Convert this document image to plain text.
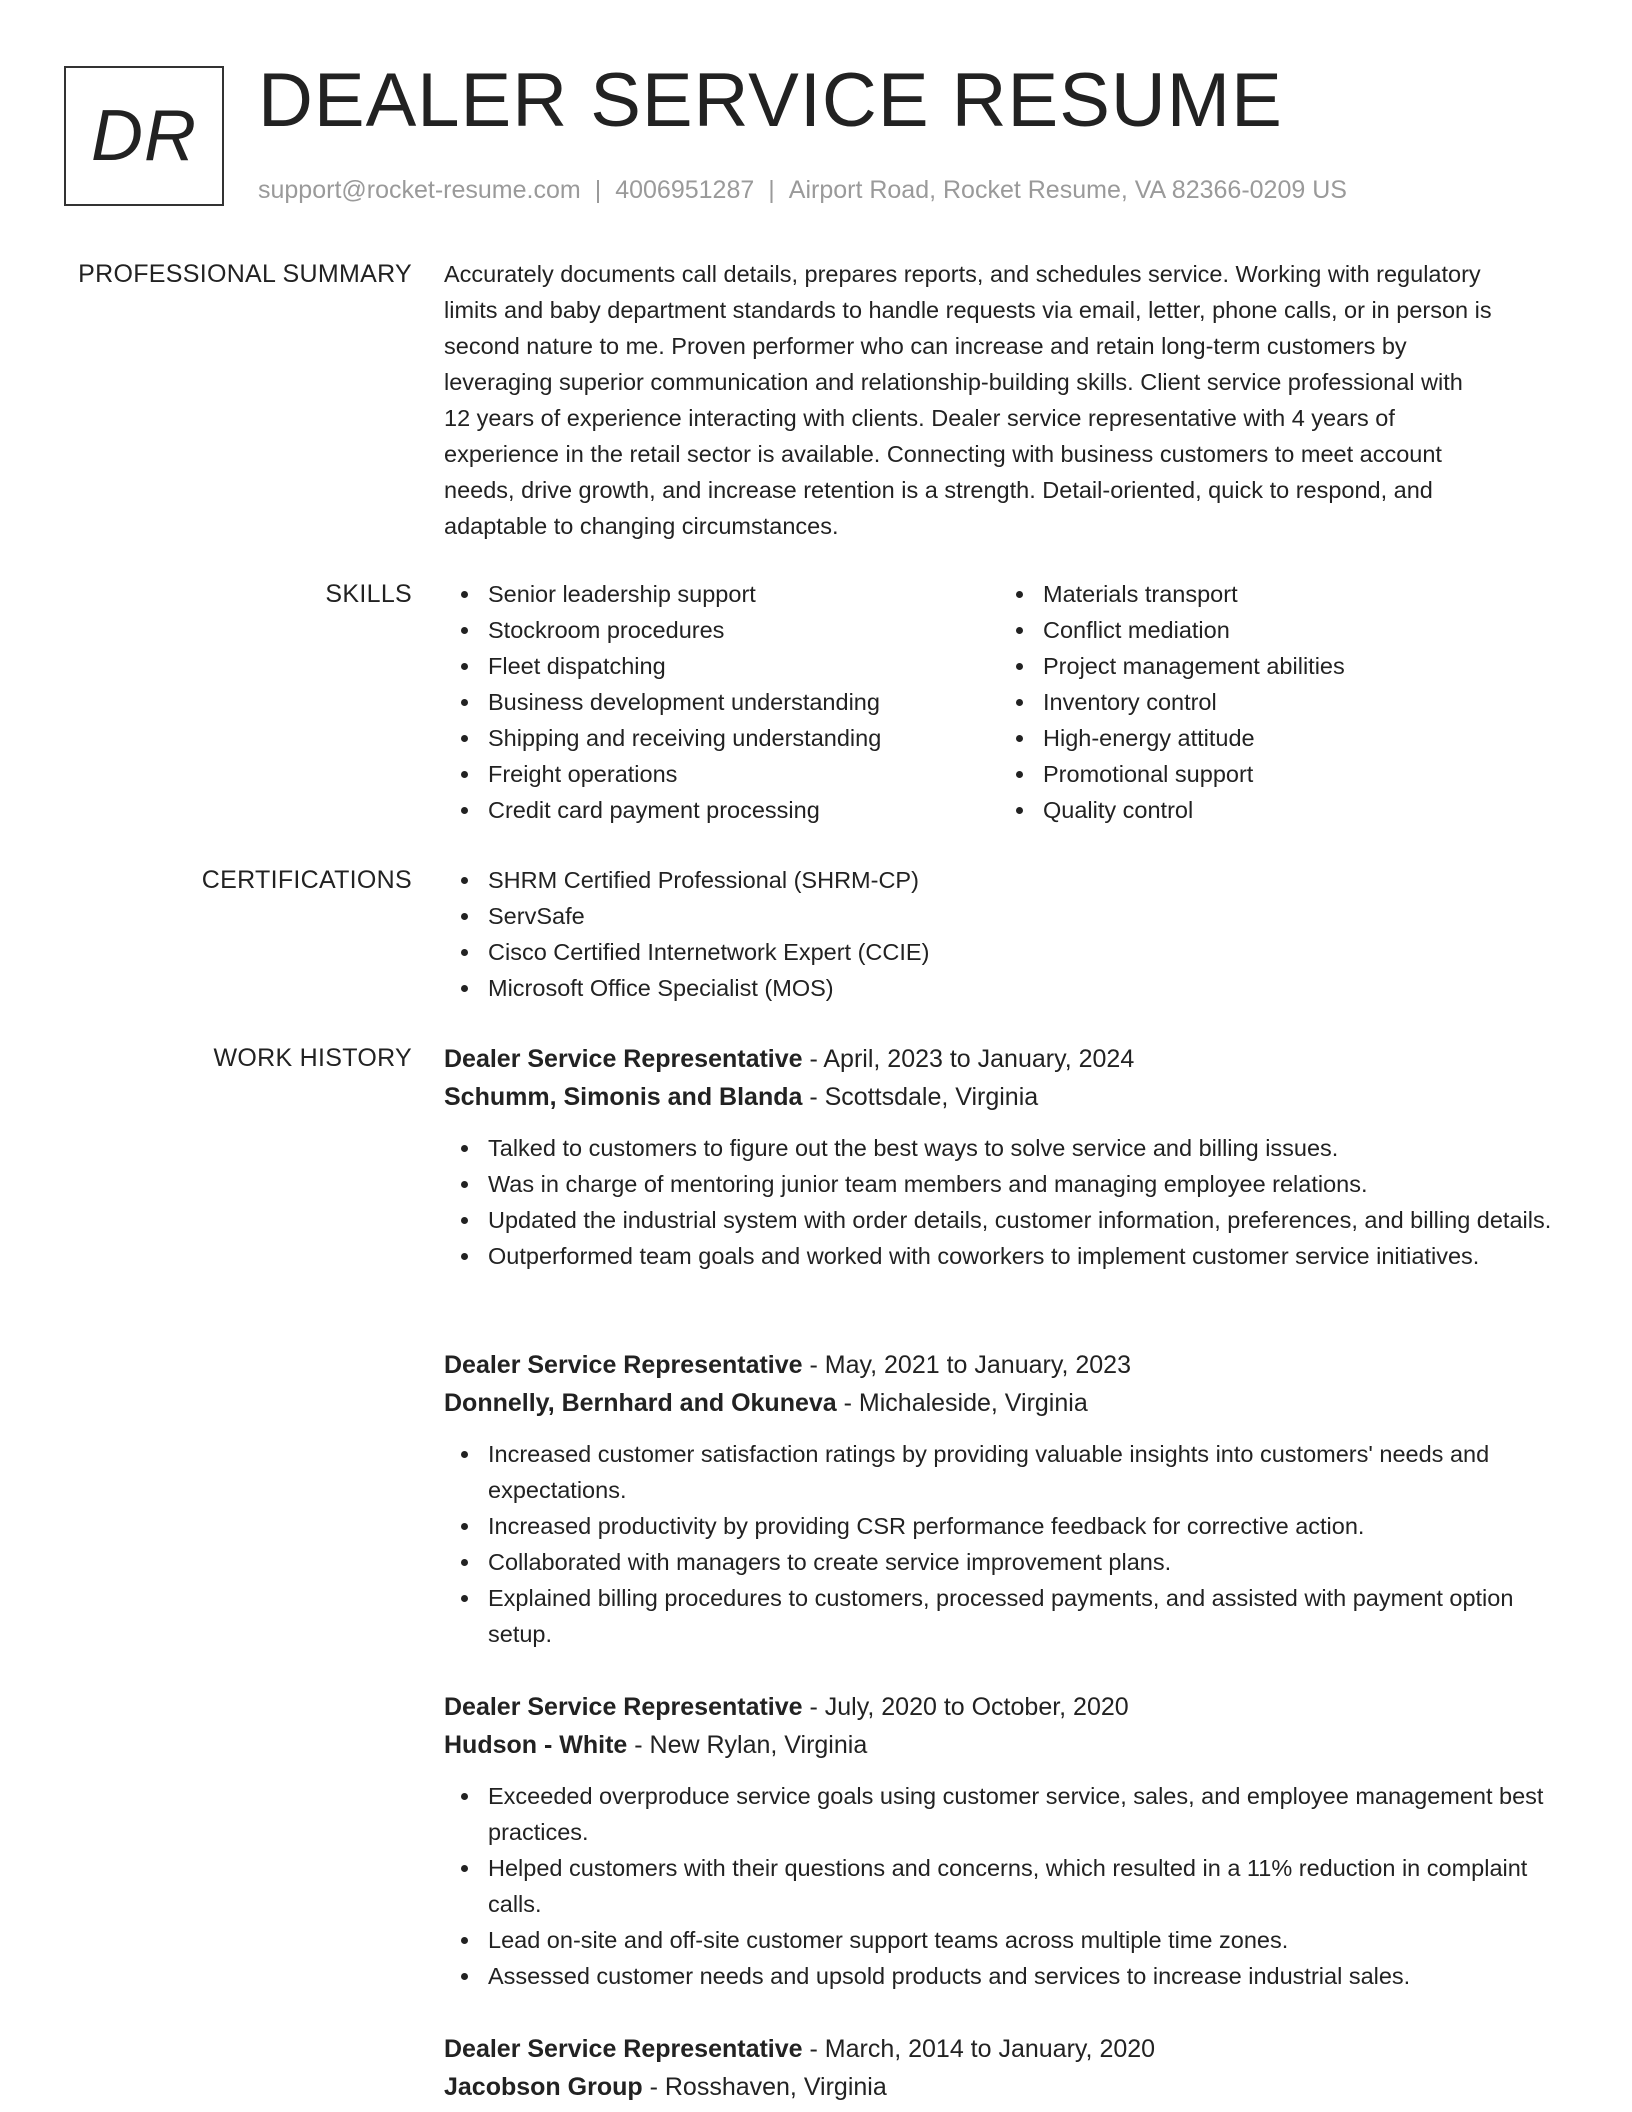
DR DEALER SERVICE RESUME
support@rocket-resume.com | 4006951287 | Airport Road, Rocket Resume, VA 82366-0209 US
PROFESSIONAL SUMMARY Accurately documents call details, prepares reports, and schedules service. Working with regulatory
limits and baby department standards to handle requests via email, letter, phone calls, or in person is
second nature to me. Proven performer who can increase and retain long-term customers by
leveraging superior communication and relationship-building skills. Client service professional with
12 years of experience interacting with clients. Dealer service representative with 4 years of
experience in the retail sector is available. Connecting with business customers to meet account
needs, drive growth, and increase retention is a strength. Detail-oriented, quick to respond, and
adaptable to changing circumstances.
SKILLS	Senior leadership support
Stockroom procedures
Fleet dispatching
Business development understanding
Shipping and receiving understanding
Freight operations
Credit card payment processing
Materials transport
Conflict mediation
Project management abilities
Inventory control
High-energy attitude
Promotional support
Quality control
CERTIFICATIONS	SHRM Certified Professional (SHRM-CP)
ServSafe
Cisco Certified Internetwork Expert (CCIE)
Microsoft Office Specialist (MOS)
WORK HISTORY Dealer Service Representative - April, 2023 to January, 2024
Schumm, Simonis and Blanda - Scottsdale, Virginia
Talked to customers to figure out the best ways to solve service and billing issues.
Was in charge of mentoring junior team members and managing employee relations.
Updated the industrial system with order details, customer information, preferences, and billing details.
Outperformed team goals and worked with coworkers to implement customer service initiatives.
Dealer Service Representative - May, 2021 to January, 2023
Donnelly, Bernhard and Okuneva - Michaleside, Virginia
Increased customer satisfaction ratings by providing valuable insights into customers' needs and expectations.
Increased productivity by providing CSR performance feedback for corrective action.
Collaborated with managers to create service improvement plans.
Explained billing procedures to customers, processed payments, and assisted with payment option setup.
Dealer Service Representative - July, 2020 to October, 2020
Hudson - White - New Rylan, Virginia
Exceeded overproduce service goals using customer service, sales, and employee management best practices.
Helped customers with their questions and concerns, which resulted in a 11% reduction in complaint calls.
Lead on-site and off-site customer support teams across multiple time zones.
Assessed customer needs and upsold products and services to increase industrial sales.
Dealer Service Representative - March, 2014 to January, 2020
Jacobson Group - Rosshaven, Virginia
